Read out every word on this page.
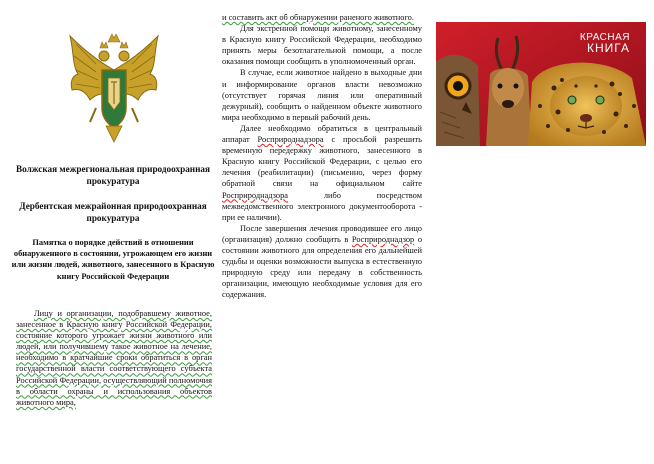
Волжская межрегиональная природоохранная прокуратура

Дербентская межрайонная природоохранная прокуратура

Памятка о порядке действий в отношении обнаруженного в состоянии, угрожающем его жизни или жизни людей, животного, занесенного в Красную книгу Российской Федерации

Лицу и организации, подобравшему животное, занесенное в Красную книгу Российской Федерации, состояние которого угрожает жизни животного или людей, или получившему такое животное на лечение, необходимо в кратчайшие сроки обратиться в орган государственной власти соответствующего субъекта Российской Федерации, осуществляющий полномочия в области охраны и использования объектов животного мира,

и составить акт об обнаружении раненого животного.

Для экстренной помощи животному, занесенному в Красную книгу Российской Федерации, необходимо принять меры безотлагательной помощи, а после оказания помощи сообщить в уполномоченный орган.

В случае, если животное найдено в выходные дни и информирование органов власти невозможно (отсутствует горячая линия или оперативный дежурный), сообщить о найденном объекте животного мира необходимо в первый рабочий день.

Далее необходимо обратиться в центральный аппарат Росприроднадзора с просьбой разрешить временную передержку животного, занесенного в Красную книгу Российской Федерации, с целью его лечения (реабилитации) (письменно, через форму обратной связи на официальном сайте Росприроднадзора либо посредством межведомственного электронного документооборота - при ее наличии).

После завершения лечения проводившее его лицо (организация) должно сообщить в Росприроднадзор о состоянии животного для определения его дальнейшей судьбы и оценки возможности выпуска в естественную природную среду или передачу в собственность организации, имеющую необходимые условия для его содержания.

КРАСНАЯ
КНИГА
